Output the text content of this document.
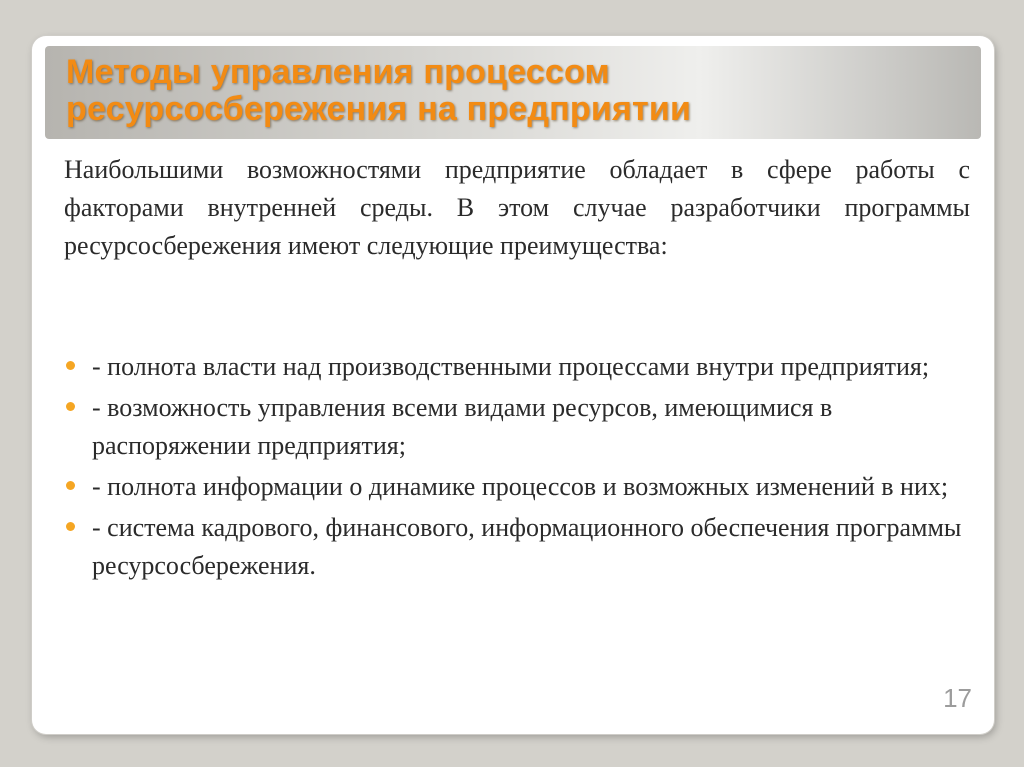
Методы управления процессом
ресурсосбережения на предприятии

Наибольшими возможностями предприятие обладает в сфере работы с факторами внутренней среды. В этом случае разработчики программы ресурсосбережения имеют следующие преимущества:

- полнота власти над производственными процессами внутри предприятия;
- возможность управления всеми видами ресурсов, имеющимися в распоряжении предприятия;
- полнота информации о динамике процессов и возможных изменений в них;
- система кадрового, финансового, информационного обеспечения программы ресурсосбережения.
17
